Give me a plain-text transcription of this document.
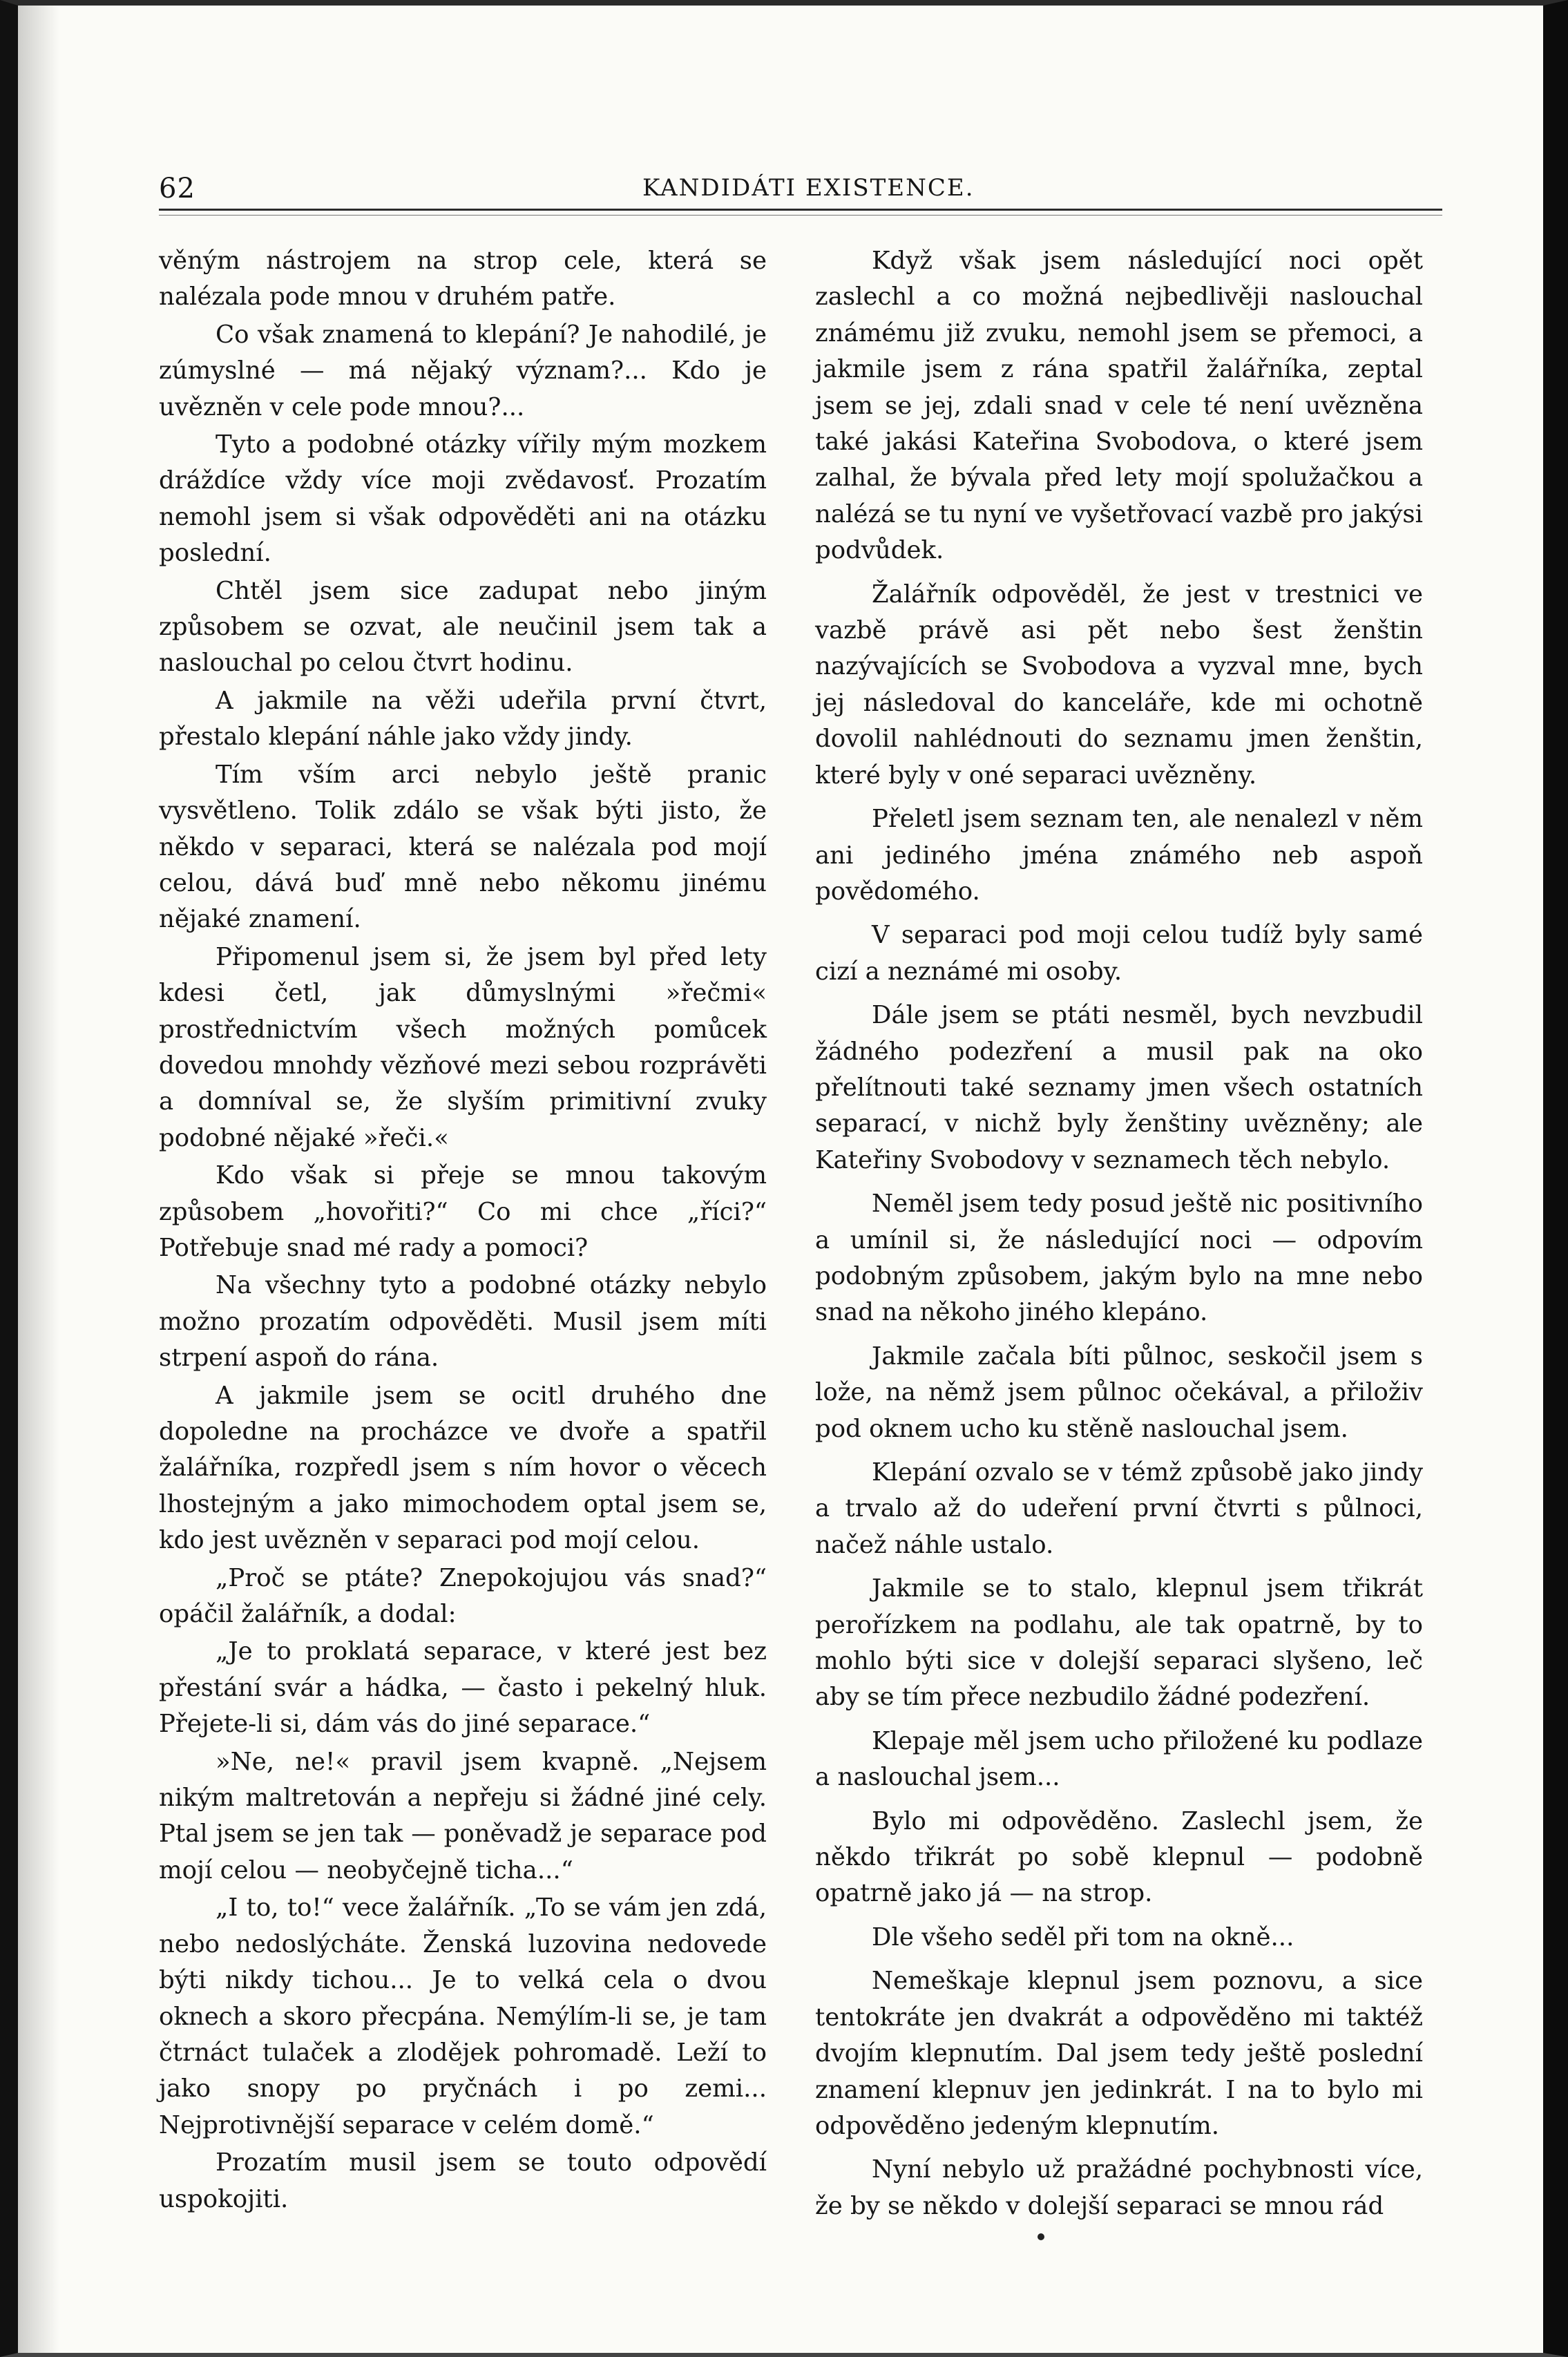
62	KANDIDÁTI EXISTENCE.

věným nástrojem na strop cele, která se nalézala pode mnou v druhém patře.

Co však znamená to klepání? Je nahodilé, je zúmyslné — má nějaký význam?... Kdo je uvězněn v cele pode mnou?...

Tyto a podobné otázky vířily mým mozkem dráždíce vždy více moji zvědavosť. Prozatím nemohl jsem si však odpověděti ani na otázku poslední.

Chtěl jsem sice zadupat nebo jiným způsobem se ozvat, ale neučinil jsem tak a naslouchal po celou čtvrt hodinu.

A jakmile na věži udeřila první čtvrt, přestalo klepání náhle jako vždy jindy.

Tím vším arci nebylo ještě pranic vysvětleno. Tolik zdálo se však býti jisto, že někdo v separaci, která se nalézala pod mojí celou, dává buď mně nebo někomu jinému nějaké znamení.

Připomenul jsem si, že jsem byl před lety kdesi četl, jak důmyslnými »řečmi« prostřednictvím všech možných pomůcek dovedou mnohdy vězňové mezi sebou rozprávěti a domníval se, že slyším primitivní zvuky podobné nějaké »řeči.«

Kdo však si přeje se mnou takovým způsobem „hovořiti?“ Co mi chce „říci?“ Potřebuje snad mé rady a pomoci?

Na všechny tyto a podobné otázky nebylo možno prozatím odpověděti. Musil jsem míti strpení aspoň do rána.

A jakmile jsem se ocitl druhého dne dopoledne na procházce ve dvoře a spatřil žalářníka, rozpředl jsem s ním hovor o věcech lhostejným a jako mimochodem optal jsem se, kdo jest uvězněn v separaci pod mojí celou.

„Proč se ptáte? Znepokojujou vás snad?“ opáčil žalářník, a dodal:

„Je to proklatá separace, v které jest bez přestání svár a hádka, — často i pekelný hluk. Přejete-li si, dám vás do jiné separace.“

»Ne, ne!« pravil jsem kvapně. „Nejsem nikým maltretován a nepřeju si žádné jiné cely. Ptal jsem se jen tak — poněvadž je separace pod mojí celou — neobyčejně ticha...“

„I to, to!“ vece žalářník. „To se vám jen zdá, nebo nedoslýcháte. Ženská luzovina nedovede býti nikdy tichou... Je to velká cela o dvou oknech a skoro přecpána. Nemýlím-li se, je tam čtrnáct tulaček a zlodějek pohromadě. Leží to jako snopy po pryčnách i po zemi... Nejprotivnější separace v celém domě.“

Prozatím musil jsem se touto odpovědí uspokojiti.

Když však jsem následující noci opět zaslechl a co možná nejbedlivěji naslouchal známému již zvuku, nemohl jsem se přemoci, a jakmile jsem z rána spatřil žalářníka, zeptal jsem se jej, zdali snad v cele té není uvězněna také jakási Kateřina Svobodova, o které jsem zalhal, že bývala před lety mojí spolužačkou a nalézá se tu nyní ve vyšetřovací vazbě pro jakýsi podvůdek.

Žalářník odpověděl, že jest v trestnici ve vazbě právě asi pět nebo šest ženštin nazývajících se Svobodova a vyzval mne, bych jej následoval do kanceláře, kde mi ochotně dovolil nahlédnouti do seznamu jmen ženštin, které byly v oné separaci uvězněny.

Přeletl jsem seznam ten, ale nenalezl v něm ani jediného jména známého neb aspoň povědomého.

V separaci pod moji celou tudíž byly samé cizí a neznámé mi osoby.

Dále jsem se ptáti nesměl, bych nevzbudil žádného podezření a musil pak na oko přelítnouti také seznamy jmen všech ostatních separací, v nichž byly ženštiny uvězněny; ale Kateřiny Svobodovy v seznamech těch nebylo.

Neměl jsem tedy posud ještě nic positivního a umínil si, že následující noci — odpovím podobným způsobem, jakým bylo na mne nebo snad na někoho jiného klepáno.

Jakmile začala bíti půlnoc, seskočil jsem s lože, na němž jsem půlnoc očekával, a přiloživ pod oknem ucho ku stěně naslouchal jsem.

Klepání ozvalo se v témž způsobě jako jindy a trvalo až do udeření první čtvrti s půlnoci, načež náhle ustalo.

Jakmile se to stalo, klepnul jsem třikrát perořízkem na podlahu, ale tak opatrně, by to mohlo býti sice v dolejší separaci slyšeno, leč aby se tím přece nezbudilo žádné podezření.

Klepaje měl jsem ucho přiložené ku podlaze a naslouchal jsem...

Bylo mi odpověděno. Zaslechl jsem, že někdo třikrát po sobě klepnul — podobně opatrně jako já — na strop.

Dle všeho seděl při tom na okně...

Nemeškaje klepnul jsem poznovu, a sice tentokráte jen dvakrát a odpověděno mi taktéž dvojím klepnutím. Dal jsem tedy ještě poslední znamení klepnuv jen jedinkrát. I na to bylo mi odpověděno jedeným klepnutím.

Nyní nebylo už pražádné pochybnosti více, že by se někdo v dolejší separaci se mnou rád
